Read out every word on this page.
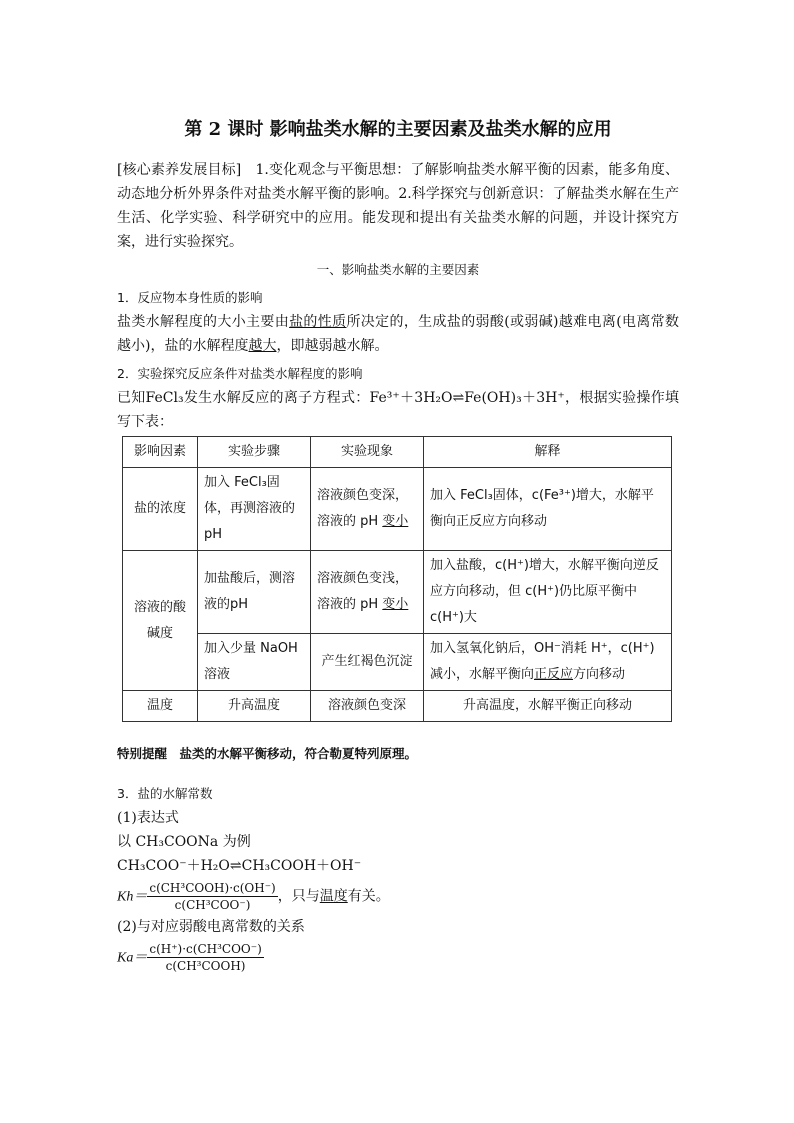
第 2 课时 影响盐类水解的主要因素及盐类水解的应用

[核心素养发展目标]　1.变化观念与平衡思想：了解影响盐类水解平衡的因素，能多角度、动态地分析外界条件对盐类水解平衡的影响。2.科学探究与创新意识：了解盐类水解在生产生活、化学实验、科学研究中的应用。能发现和提出有关盐类水解的问题，并设计探究方案，进行实验探究。

一、影响盐类水解的主要因素
1．反应物本身性质的影响

盐类水解程度的大小主要由盐的性质所决定的，生成盐的弱酸(或弱碱)越难电离(电离常数越小)，盐的水解程度越大，即越弱越水解。

2．实验探究反应条件对盐类水解程度的影响

已知FeCl₃发生水解反应的离子方程式：Fe³⁺＋3H₂O⇌Fe(OH)₃＋3H⁺，根据实验操作填写下表：

影响因素	实验步骤	实验现象	解释
盐的浓度	加入 FeCl₃固体，再测溶液的 pH	溶液颜色变深，溶液的 pH 变小	加入 FeCl₃固体，c(Fe³⁺)增大，水解平衡向正反应方向移动
溶液的酸碱度	加盐酸后，测溶液的pH	溶液颜色变浅，溶液的 pH 变小	加入盐酸，c(H⁺)增大，水解平衡向逆反应方向移动，但 c(H⁺)仍比原平衡中 c(H⁺)大
	加入少量 NaOH 溶液	产生红褐色沉淀	加入氢氧化钠后，OH⁻消耗 H⁺，c(H⁺)减小，水解平衡向正反应方向移动
温度	升高温度	溶液颜色变深	升高温度，水解平衡正向移动
特别提醒　盐类的水解平衡移动，符合勒夏特列原理。
3．盐的水解常数
(1)表达式
以 CH₃COONa 为例
CH₃COO⁻＋H₂O⇌CH₃COOH＋OH⁻
$Kh= \frac{\text{c(CH³COOH)·c(OH⁻)}}{\text{c(CH³COO⁻)}}$ ，只与温度有关。
(2)与对应弱酸电离常数的关系
$Ka= \frac{\text{c(H⁺)·c(CH³COO⁻)}}{\text{c(CH³COOH)}}$
